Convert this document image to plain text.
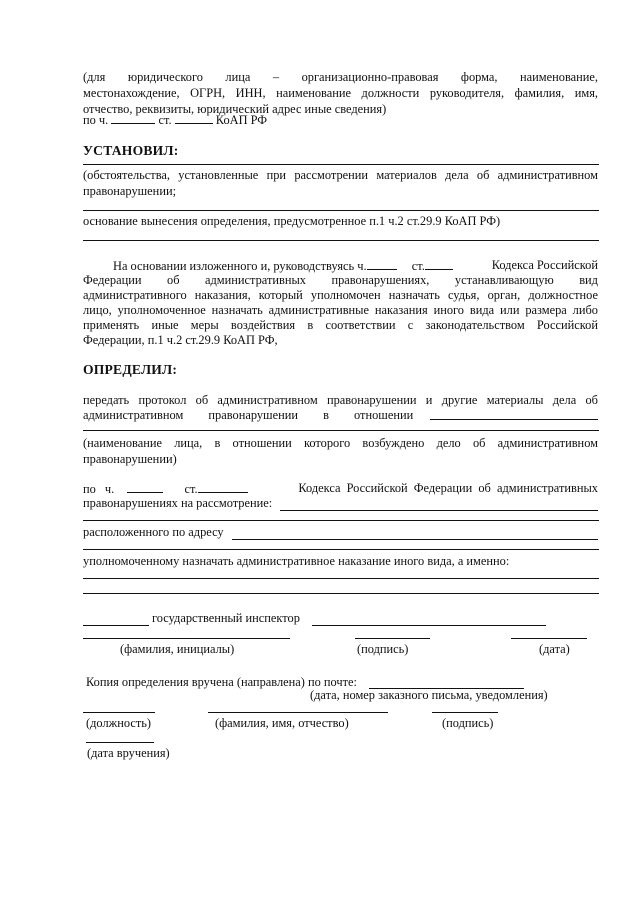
(для юридического лица – организационно-правовая форма, наименование,
местонахождение, ОГРН, ИНН, наименование должности руководителя, фамилия, имя,
отчество, реквизиты, юридический адрес иные сведения)
по ч.	ст.	КоАП РФ
УСТАНОВИЛ:
(обстоятельства, установленные при рассмотрении материалов дела об административном
правонарушении;
основание вынесения определения, предусмотренное п.1 ч.2 ст.29.9 КоАП РФ)
На основании изложенного и, руководствуясь ч.	ст.	Кодекса Российской
Федерации об административных правонарушениях, устанавливающую вид
административного наказания, который уполномочен назначать судья, орган, должностное
лицо, уполномоченное назначать административные наказания иного вида или размера либо
применять иные меры воздействия в соответствии с законодательством Российской
Федерации, п.1 ч.2 ст.29.9 КоАП РФ,
ОПРЕДЕЛИЛ:
передать протокол об административном правонарушении и другие материалы дела об
административном правонарушении в отношении
(наименование лица, в отношении которого возбуждено дело об административном
правонарушении)
по ч.	ст.	Кодекса Российской Федерации об административных
правонарушениях на рассмотрение:
расположенного по адресу
уполномоченному назначать административное наказание иного вида, а именно:
государственный инспектор
(фамилия, инициалы)	(подпись)	(дата)
Копия определения вручена (направлена) по почте:
(дата, номер заказного письма, уведомления)
(должность)	(фамилия, имя, отчество)	(подпись)
(дата вручения)
